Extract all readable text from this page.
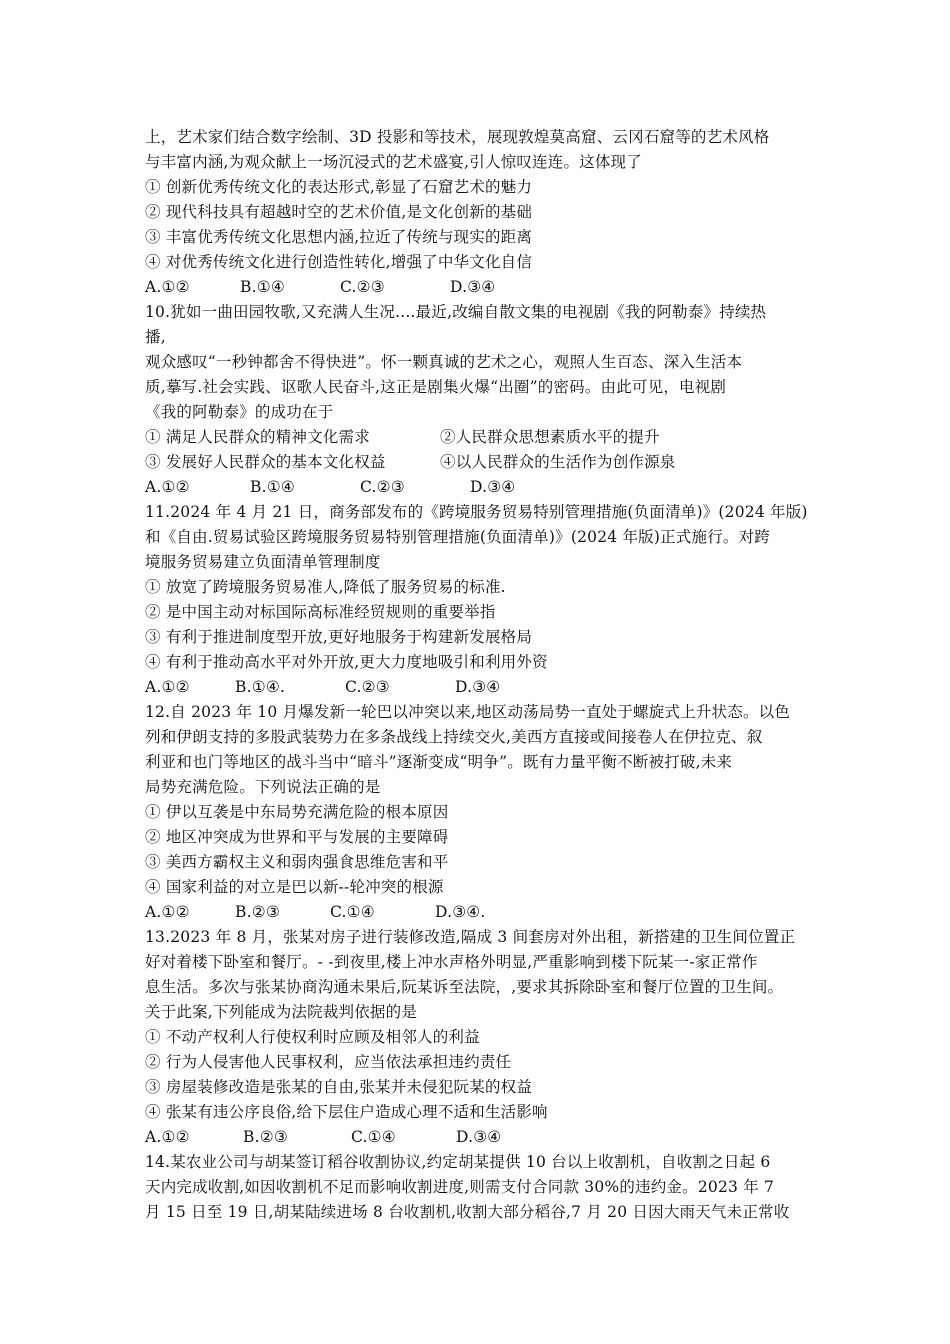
上，艺术家们结合数字绘制、3D 投影和等技术，展现敦煌莫高窟、云冈石窟等的艺术风格
与丰富内涵,为观众献上一场沉浸式的艺术盛宴,引人惊叹连连。这体现了
① 创新优秀传统文化的表达形式,彰显了石窟艺术的魅力
② 现代科技具有超越时空的艺术价值,是文化创新的基础
③ 丰富优秀传统文化思想内涵,拉近了传统与现实的距离
④ 对优秀传统文化进行创造性转化,增强了中华文化自信
A.①②	B.①④	C.②③	D.③④
10.犹如一曲田园牧歌,又充满人生况....最近,改编自散文集的电视剧《我的阿勒泰》持续热
播,
观众感叹“一秒钟都舍不得快进”。怀一颗真诚的艺术之心，观照人生百态、深入生活本
质,摹写.社会实践、讴歌人民奋斗,这正是剧集火爆“出圈”的密码。由此可见，电视剧
《我的阿勒泰》的成功在于
① 满足人民群众的精神文化需求	②人民群众思想素质水平的提升
③ 发展好人民群众的基本文化权益	④以人民群众的生活作为创作源泉
A.①②	B.①④	C.②③	D.③④
11.2024 年 4 月 21 日，商务部发布的《跨境服务贸易特别管理措施(负面清单)》(2024 年版)
和《自由.贸易试验区跨境服务贸易特别管理措施(负面清单)》(2024 年版)正式施行。对跨
境服务贸易建立负面清单管理制度
① 放宽了跨境服务贸易准人,降低了服务贸易的标准.
② 是中国主动对标国际高标准经贸规则的重要举指
③ 有利于推进制度型开放,更好地服务于构建新发展格局
④ 有利于推动高水平对外开放,更大力度地吸引和利用外资
A.①②	B.①④.	C.②③	D.③④
12.自 2023 年 10 月爆发新一轮巴以冲突以来,地区动荡局势一直处于螺旋式上升状态。以色
列和伊朗支持的多股武装势力在多条战线上持续交火,美西方直接或间接卷人在伊拉克、叙
利亚和也门等地区的战斗当中“暗斗”逐渐变成“明争”。既有力量平衡不断被打破,未来
局势充满危险。下列说法正确的是
① 伊以互袭是中东局势充满危险的根本原因
② 地区冲突成为世界和平与发展的主要障碍
③ 美西方霸权主义和弱肉强食思维危害和平
④ 国家利益的对立是巴以新--轮冲突的根源
A.①②	B.②③	C.①④	D.③④.
13.2023 年 8 月，张某对房子进行装修改造,隔成 3 间套房对外出租，新搭建的卫生间位置正
好对着楼下卧室和餐厅。- -到夜里,楼上冲水声格外明显,严重影响到楼下阮某一-家正常作
息生活。多次与张某协商沟通未果后,阮某诉至法院，,要求其拆除卧室和餐厅位置的卫生间。
关于此案,下列能成为法院裁判依据的是
① 不动产权利人行使权利时应顾及相邻人的利益
② 行为人侵害他人民事权利，应当依法承担违约责任
③ 房屋装修改造是张某的自由,张某并未侵犯阮某的权益
④ 张某有违公序良俗,给下层住户造成心理不适和生活影响
A.①②	B.②③	C.①④	D.③④
14.某农业公司与胡某签订稻谷收割协议,约定胡某提供 10 台以上收割机，自收割之日起 6
天内完成收割,如因收割机不足而影响收割进度,则需支付合同款 30%的违约金。2023 年 7
月 15 日至 19 日,胡某陆续进场 8 台收割机,收割大部分稻谷,7 月 20 日因大雨天气未正常收
